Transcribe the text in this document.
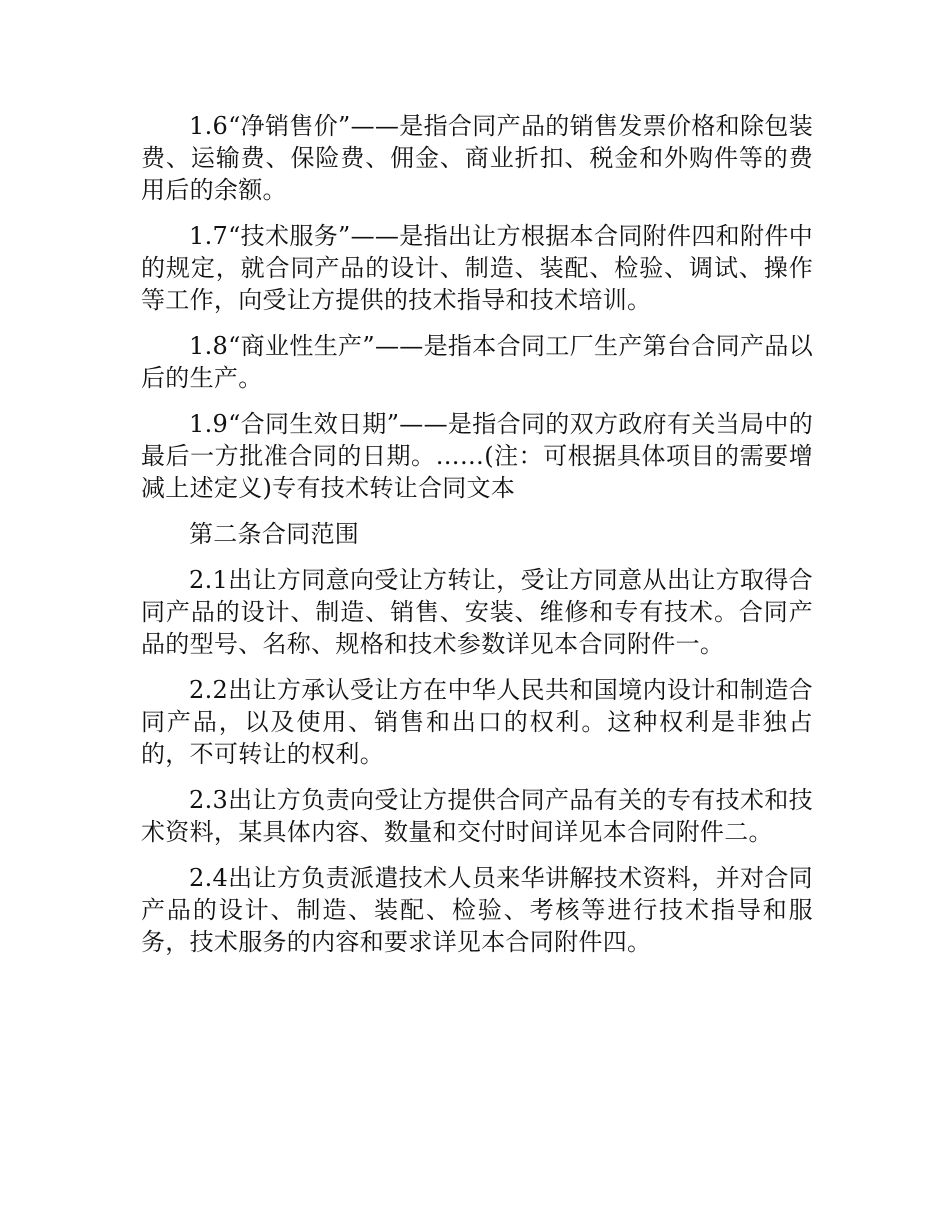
1.6“净销售价”——是指合同产品的销售发票价格和除包装费、运输费、保险费、佣金、商业折扣、税金和外购件等的费用后的余额。

1.7“技术服务”——是指出让方根据本合同附件四和附件中的规定，就合同产品的设计、制造、装配、检验、调试、操作等工作，向受让方提供的技术指导和技术培训。

1.8“商业性生产”——是指本合同工厂生产第台合同产品以后的生产。

1.9“合同生效日期”——是指合同的双方政府有关当局中的最后一方批准合同的日期。……(注：可根据具体项目的需要增减上述定义)专有技术转让合同文本

第二条合同范围

2.1出让方同意向受让方转让，受让方同意从出让方取得合同产品的设计、制造、销售、安装、维修和专有技术。合同产品的型号、名称、规格和技术参数详见本合同附件一。

2.2出让方承认受让方在中华人民共和国境内设计和制造合同产品，以及使用、销售和出口的权利。这种权利是非独占的，不可转让的权利。

2.3出让方负责向受让方提供合同产品有关的专有技术和技术资料，某具体内容、数量和交付时间详见本合同附件二。

2.4出让方负责派遣技术人员来华讲解技术资料，并对合同产品的设计、制造、装配、检验、考核等进行技术指导和服务，技术服务的内容和要求详见本合同附件四。
